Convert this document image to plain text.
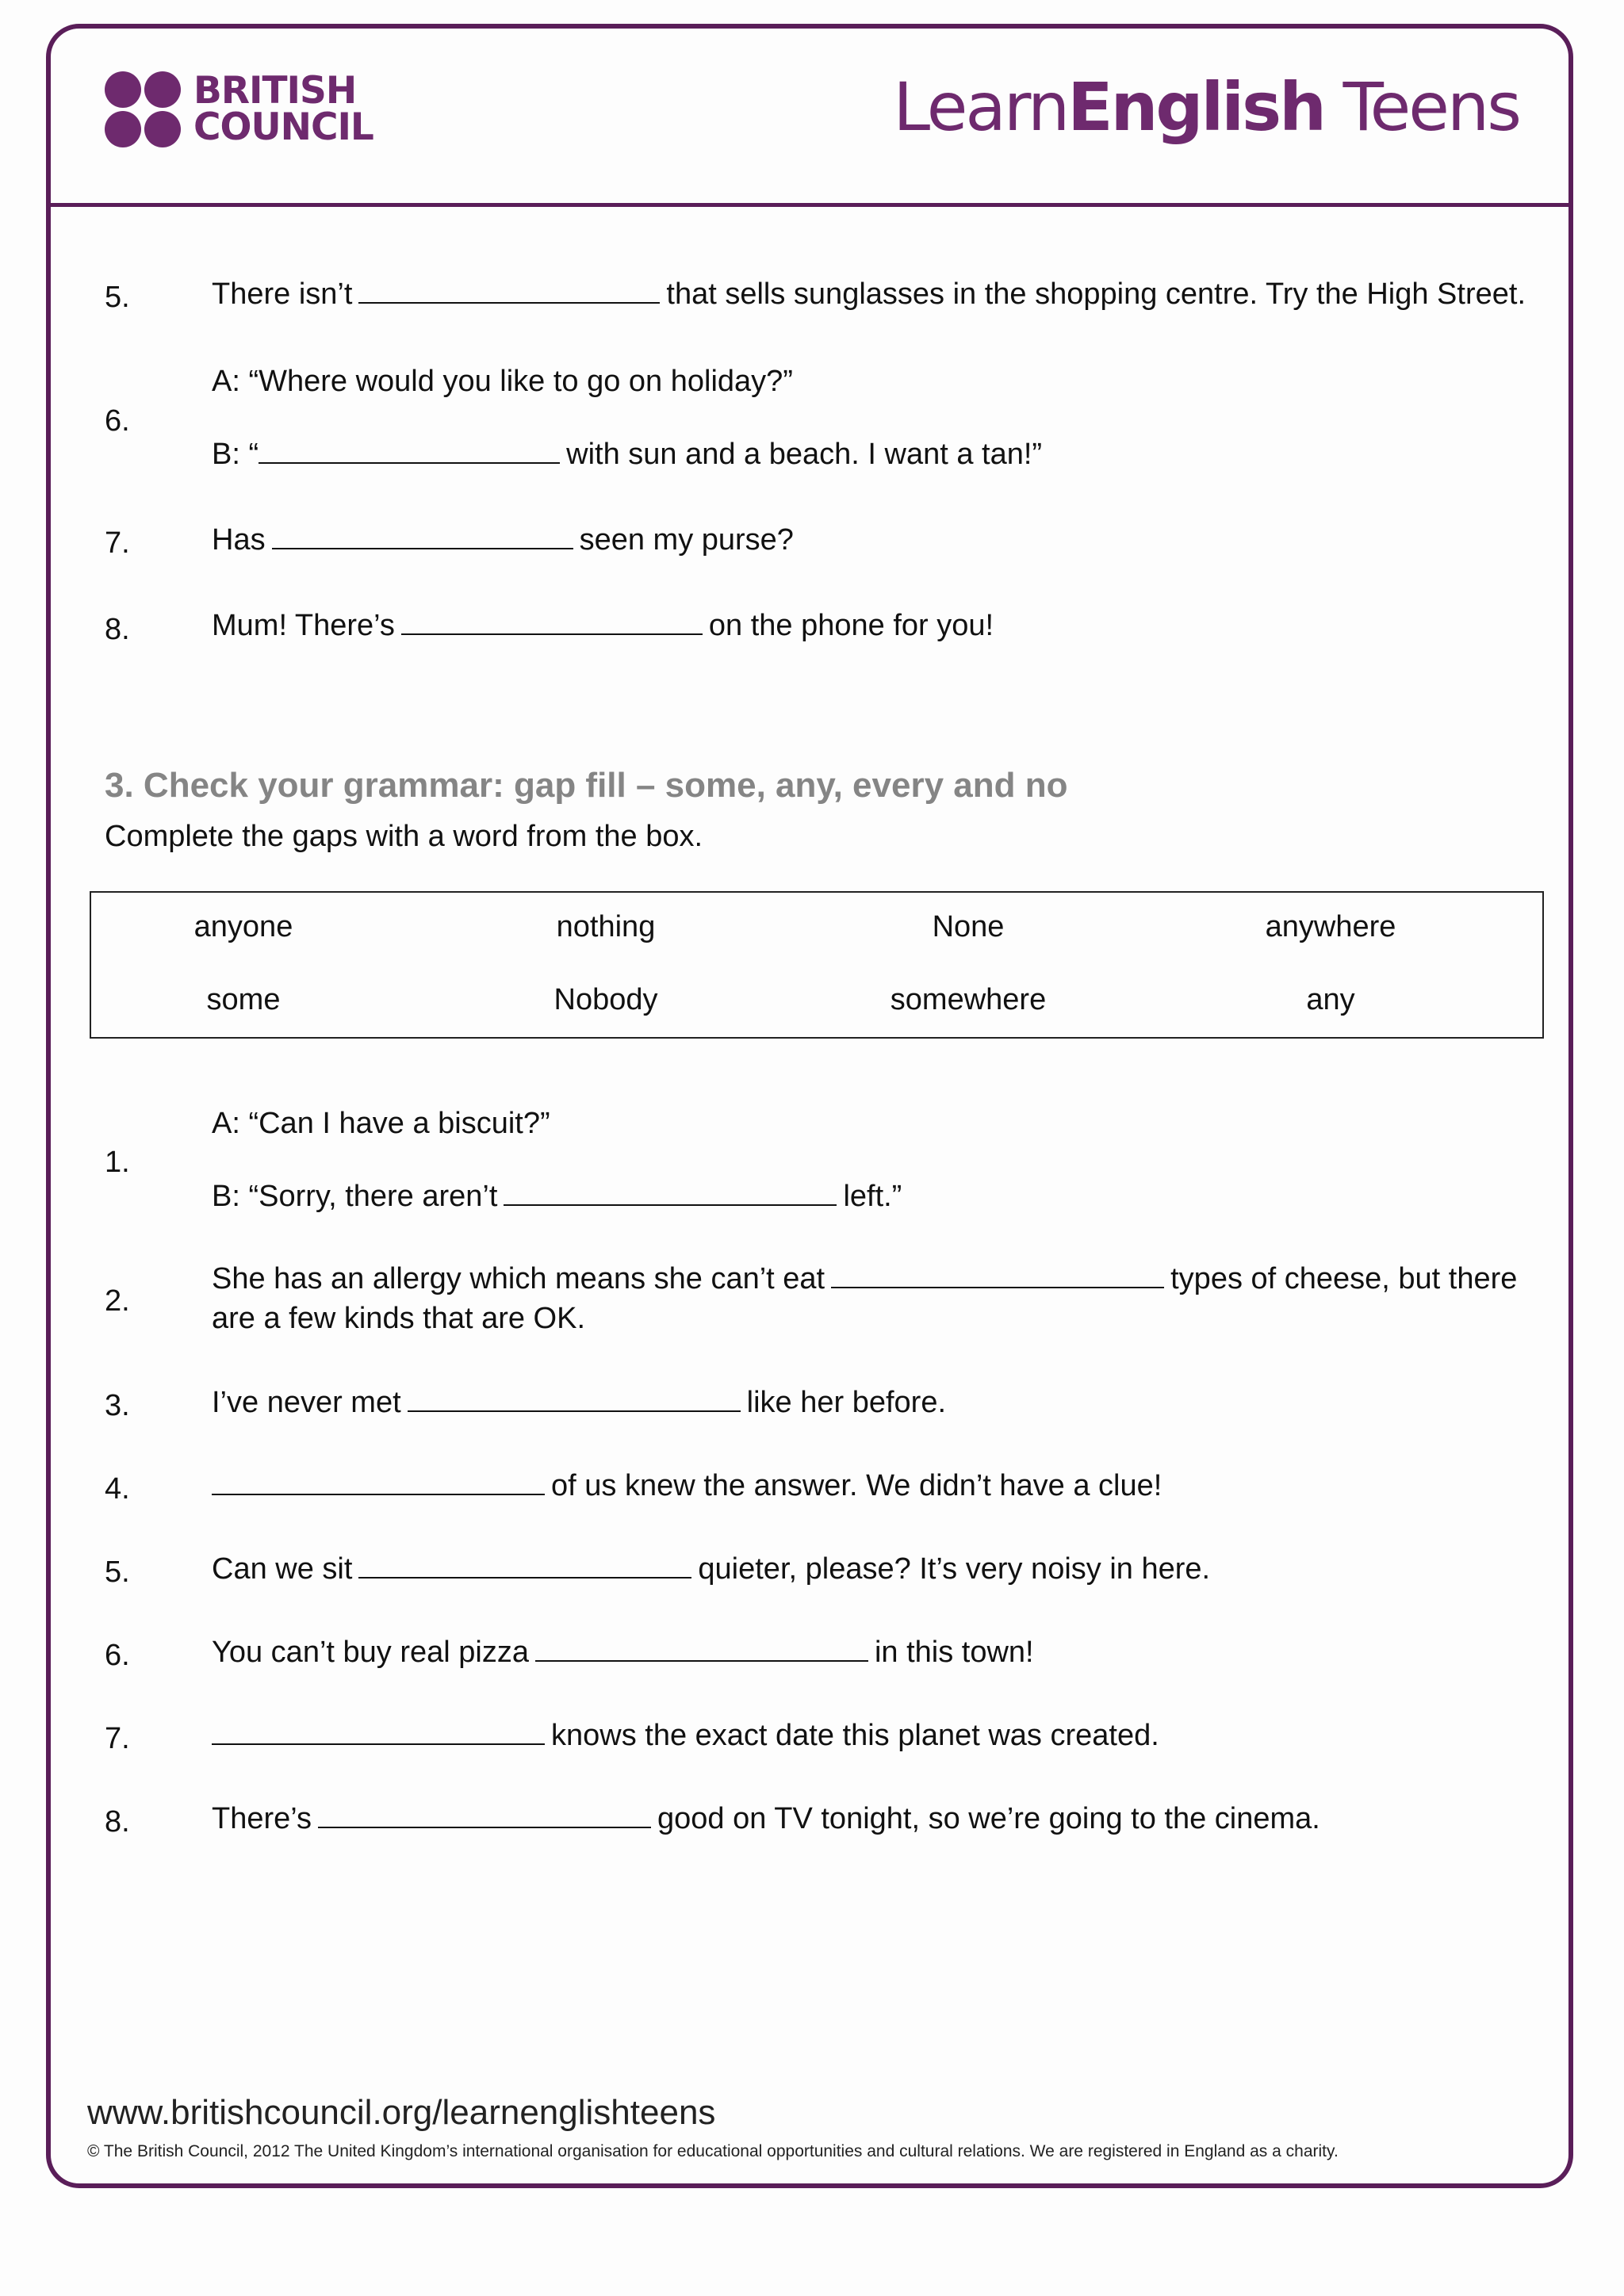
BRITISH
COUNCIL	LearnEnglish Teens
5.	There isn’t	that sells sunglasses in the shopping centre. Try the High Street.
6.
A: “Where would you like to go on holiday?”
B: “	with sun and a beach. I want a tan!”
7.	Has	seen my purse?
8.	Mum! There’s	on the phone for you!
3. Check your grammar: gap fill – some, any, every and no
Complete the gaps with a word from the box.
anyone	nothing	None	anywhere
some	Nobody	somewhere	any
1.
A: “Can I have a biscuit?”
B: “Sorry, there aren’t	left.”
2.
She has an allergy which means she can’t eat	types of cheese, but there
are a few kinds that are OK.
3.	I’ve never met	like her before.
4.	of us knew the answer. We didn’t have a clue!
5.	Can we sit	quieter, please? It’s very noisy in here.
6.	You can’t buy real pizza	in this town!
7.	knows the exact date this planet was created.
8.	There’s	good on TV tonight, so we’re going to the cinema.
www.britishcouncil.org/learnenglishteens
© The British Council, 2012 The United Kingdom’s international organisation for educational opportunities and cultural relations. We are registered in England as a charity.
